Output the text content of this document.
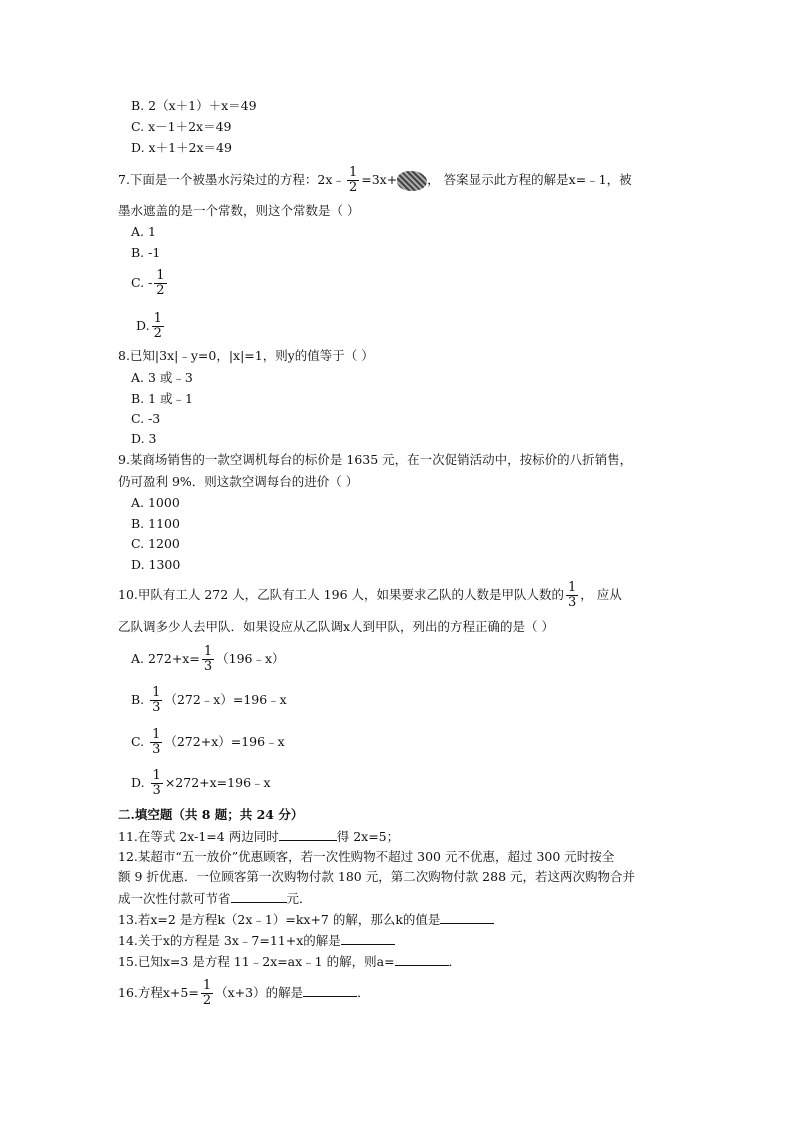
B. 2（x＋1）＋x＝49
C. x－1＋2x＝49
D. x＋1＋2x＝49
7.下面是一个被墨水污染过的方程：2x﹣ $\frac{1}{2} =3x+$ ， 答案显示此方程的解是x=﹣1，被
墨水遮盖的是一个常数，则这个常数是（ ）
A. 1
B. -1
C. - $\frac{1}{2}$
D. $\frac{1}{2}$
8.已知|3x|﹣y=0，|x|=1，则y的值等于（ ）
A. 3 或﹣3
B. 1 或﹣1
C. -3
D. 3
9.某商场销售的一款空调机每台的标价是 1635 元，在一次促销活动中，按标价的八折销售，
仍可盈利 9%．则这款空调每台的进价（ ）
A. 1000
B. 1100
C. 1200
D. 1300
10.甲队有工人 272 人，乙队有工人 196 人，如果要求乙队的人数是甲队人数的 $\frac{1}{3}$ ， 应从
乙队调多少人去甲队．如果设应从乙队调x人到甲队，列出的方程正确的是（ ）
A. $272+x= \frac{1}{3}$ （196﹣x）
B. $\frac{1}{3}$ （272﹣x）=196﹣x
C. $\frac{1}{3}$ （272+x）=196﹣x
D. $\frac{1}{3}$ ×272+x=196﹣x
二.填空题（共 8 题；共 24 分）
11.在等式 2x-1=4 两边同时	得 2x=5；
12.某超市“五一放价”优惠顾客，若一次性购物不超过 300 元不优惠，超过 300 元时按全
额 9 折优惠．一位顾客第一次购物付款 180 元，第二次购物付款 288 元，若这两次购物合并
成一次性付款可节省	元．
13.若x=2 是方程k（2x﹣1）=kx+7 的解，那么k的值是
14.关于x的方程是 3x﹣7=11+x的解是
15.已知x=3 是方程 11﹣2x=ax﹣1 的解，则a=	．
16.方程$x+5= \frac{1}{2} (x+3)$的解是	．
